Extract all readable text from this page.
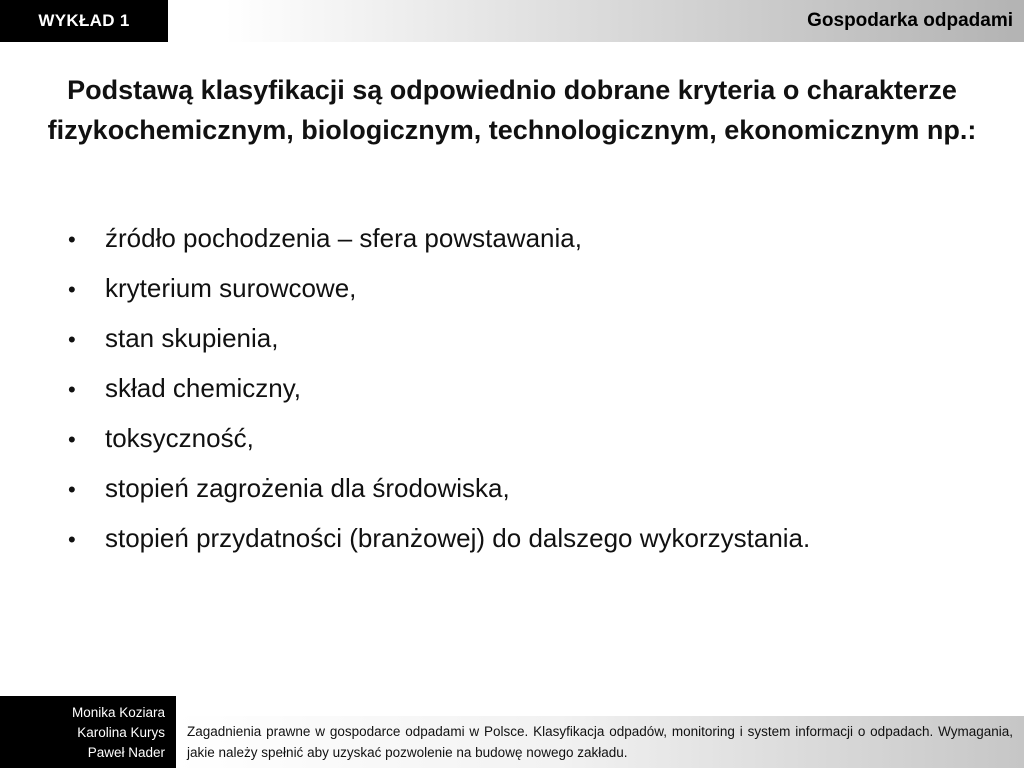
WYKŁAD 1	Gospodarka odpadami
Podstawą klasyfikacji są odpowiednio dobrane kryteria o charakterze fizykochemicznym, biologicznym, technologicznym, ekonomicznym np.:
•	źródło pochodzenia – sfera powstawania,
•	kryterium surowcowe,
•	stan skupienia,
•	skład chemiczny,
•	toksyczność,
•	stopień zagrożenia dla środowiska,
•	stopień przydatności (branżowej) do dalszego wykorzystania.
Monika Koziara
Karolina Kurys
Paweł Nader
Zagadnienia prawne w gospodarce odpadami w Polsce. Klasyfikacja odpadów, monitoring i system informacji o odpadach. Wymagania, jakie należy spełnić aby uzyskać pozwolenie na budowę nowego zakładu.
